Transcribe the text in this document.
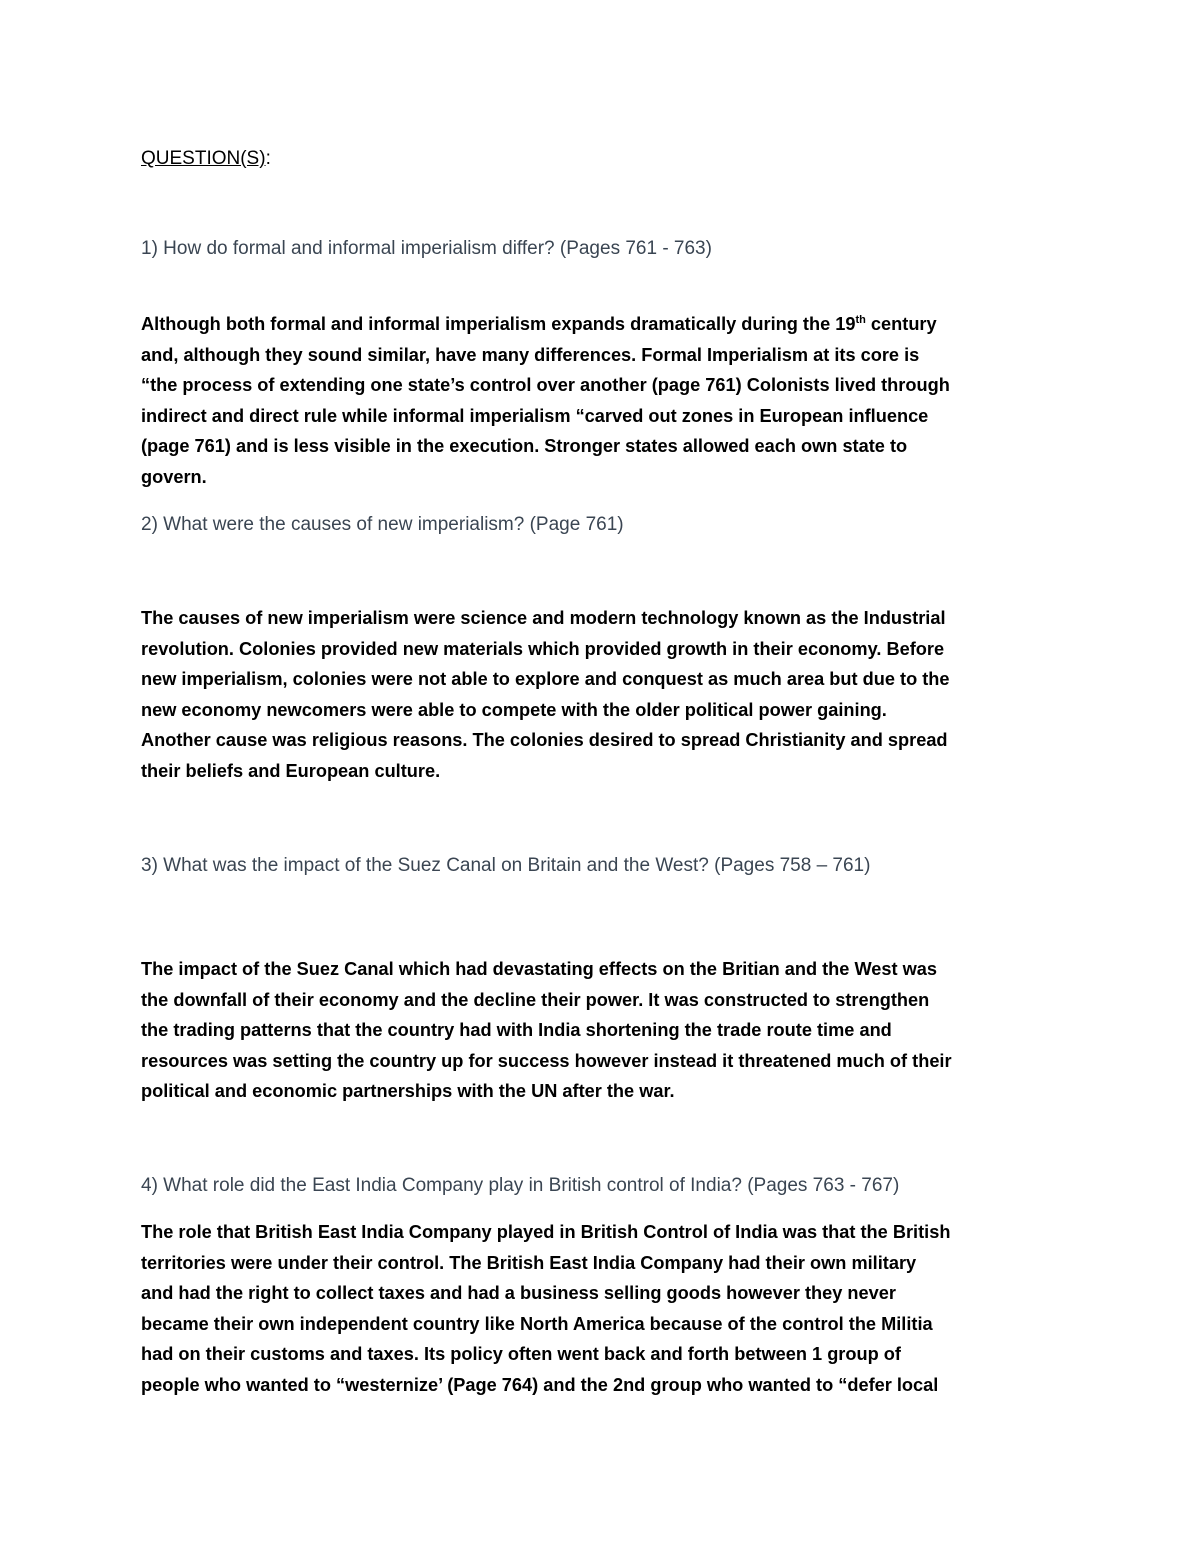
QUESTION(S):
1) How do formal and informal imperialism differ? (Pages 761 - 763)
Although both formal and informal imperialism expands dramatically during the 19th century
and, although they sound similar, have many differences. Formal Imperialism at its core is
“the process of extending one state’s control over another (page 761) Colonists lived through
indirect and direct rule while informal imperialism “carved out zones in European influence
(page 761) and is less visible in the execution. Stronger states allowed each own state to
govern.
2) What were the causes of new imperialism? (Page 761)
The causes of new imperialism were science and modern technology known as the Industrial
revolution. Colonies provided new materials which provided growth in their economy. Before
new imperialism, colonies were not able to explore and conquest as much area but due to the
new economy newcomers were able to compete with the older political power gaining.
Another cause was religious reasons. The colonies desired to spread Christianity and spread
their beliefs and European culture.
3) What was the impact of the Suez Canal on Britain and the West? (Pages 758 – 761)
The impact of the Suez Canal which had devastating effects on the Britian and the West was
the downfall of their economy and the decline their power. It was constructed to strengthen
the trading patterns that the country had with India shortening the trade route time and
resources was setting the country up for success however instead it threatened much of their
political and economic partnerships with the UN after the war.
4) What role did the East India Company play in British control of India? (Pages 763 - 767)
The role that British East India Company played in British Control of India was that the British
territories were under their control. The British East India Company had their own military
and had the right to collect taxes and had a business selling goods however they never
became their own independent country like North America because of the control the Militia
had on their customs and taxes. Its policy often went back and forth between 1 group of
people who wanted to “westernize’ (Page 764) and the 2nd group who wanted to “defer local
